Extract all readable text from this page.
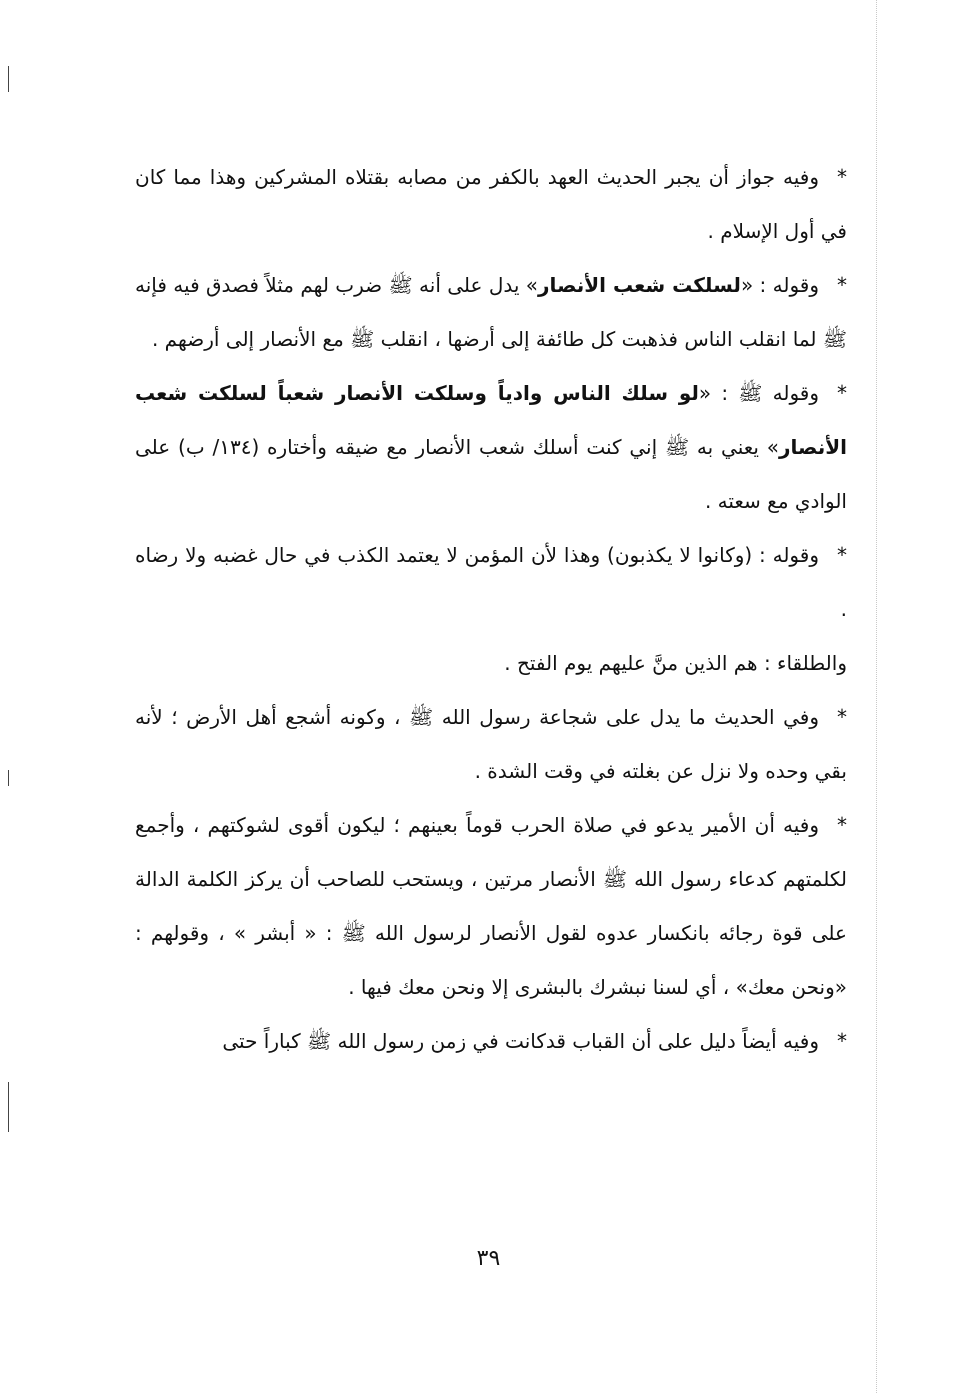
*وفيه جواز أن يجبر الحديث العهد بالكفر من مصابه بقتلاه المشركين وهذا مما كان في أول الإسلام .

*وقوله : «لسلكت شعب الأنصار» يدل على أنه ﷺ ضرب لهم مثلاً فصدق فيه فإنه ﷺ لما انقلب الناس فذهبت كل طائفة إلى أرضها ، انقلب ﷺ مع الأنصار إلى أرضهم .

*وقوله ﷺ : «لو سلك الناس وادياً وسلكت الأنصار شعباً لسلكت شعب الأنصار» يعني به ﷺ إني كنت أسلك شعب الأنصار مع ضيقه وأختاره (١٣٤/ ب) على الوادي مع سعته .

*وقوله : (وكانوا لا يكذبون) وهذا لأن المؤمن لا يعتمد الكذب في حال غضبه ولا رضاه .

والطلقاء : هم الذين منَّ عليهم يوم الفتح .

*وفي الحديث ما يدل على شجاعة رسول الله ﷺ ، وكونه أشجع أهل الأرض ؛ لأنه بقي وحده ولا نزل عن بغلته في وقت الشدة .

*وفيه أن الأمير يدعو في صلاة الحرب قوماً بعينهم ؛ ليكون أقوى لشوكتهم ، وأجمع لكلمتهم كدعاء رسول الله ﷺ الأنصار مرتين ، ويستحب للصاحب أن يركز الكلمة الدالة على قوة رجائه بانكسار عدوه لقول الأنصار لرسول الله ﷺ : « أبشر » ، وقولهم : «ونحن معك» ، أي لسنا نبشرك بالبشرى إلا ونحن معك فيها .

*وفيه أيضاً دليل على أن القباب قدكانت في زمن رسول الله ﷺ كباراً حتى

٣٩
